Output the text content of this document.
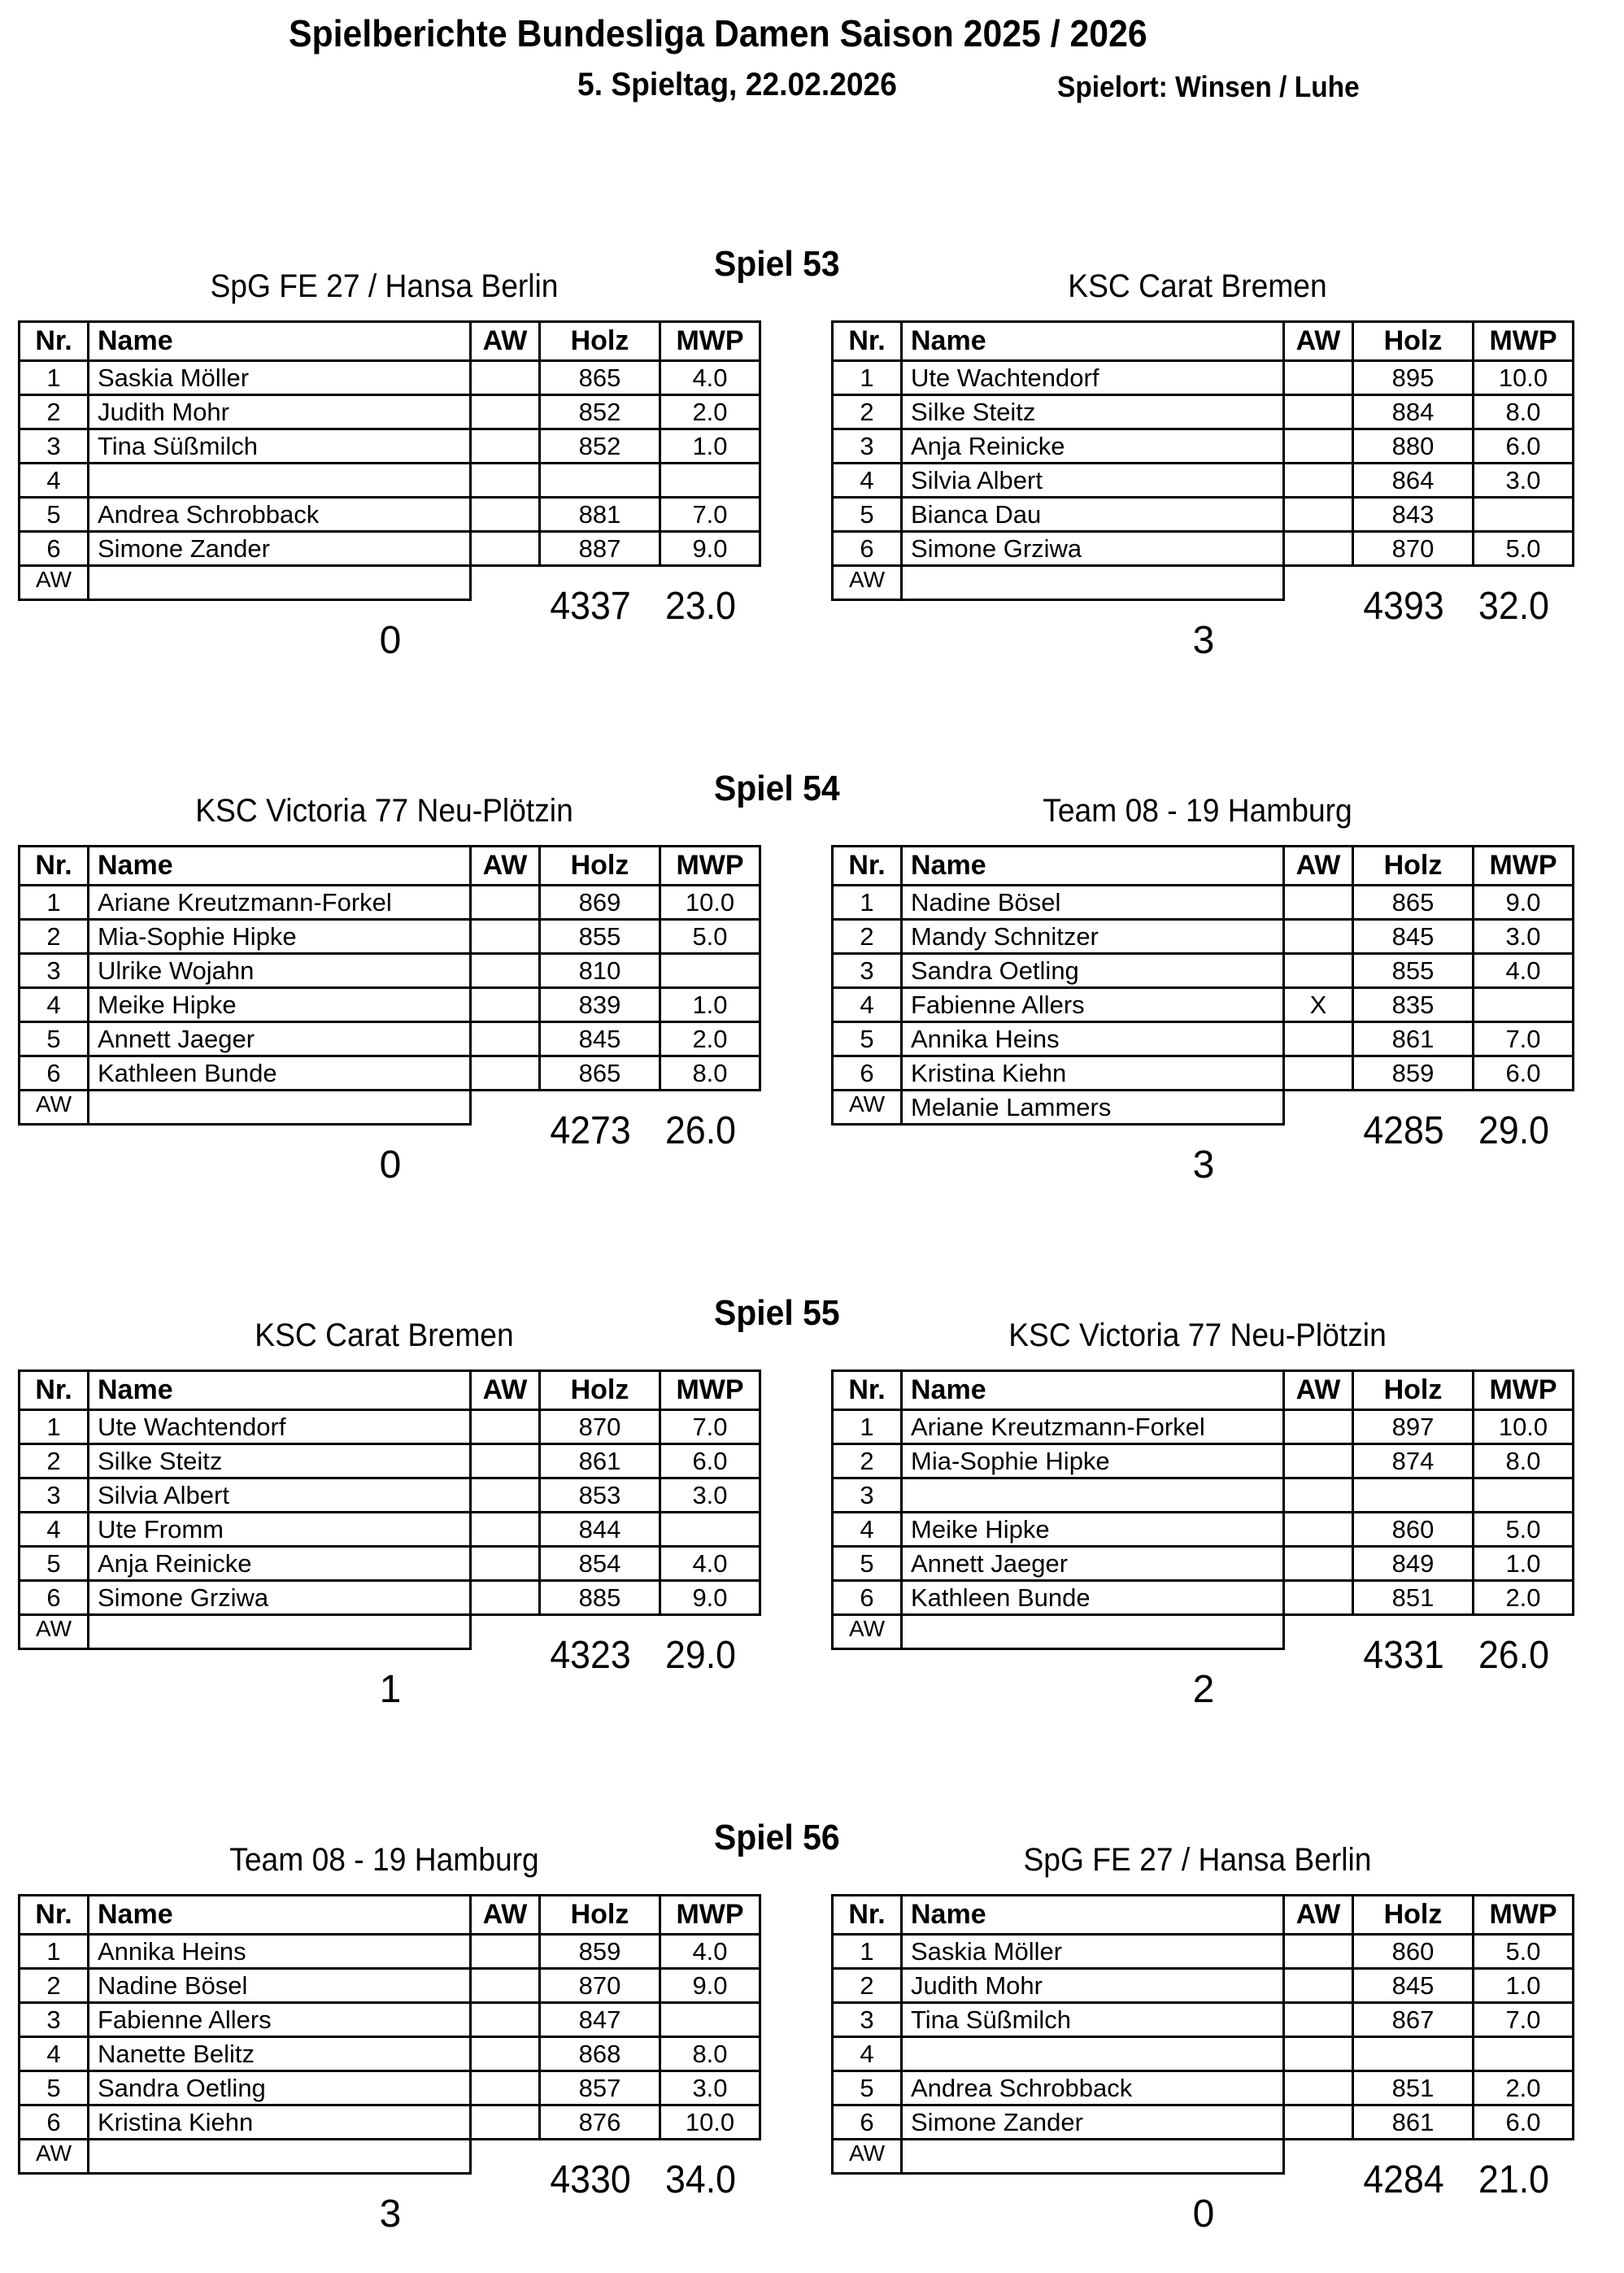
Spielberichte Bundesliga Damen Saison 2025 / 2026
5. Spieltag, 22.02.2026	Spielort: Winsen / Luhe
Spiel 53
SpG FE 27 / Hansa Berlin
Nr.	Name	AW	Holz	MWP
1	Saskia Möller		865	4.0
2	Judith Mohr		852	2.0
3	Tina Süßmilch		852	1.0
4				
5	Andrea Schrobback		881	7.0
6	Simone Zander		887	9.0
AW				
4337 23.0
0
KSC Carat Bremen
Nr.	Name	AW	Holz	MWP
1	Ute Wachtendorf		895	10.0
2	Silke Steitz		884	8.0
3	Anja Reinicke		880	6.0
4	Silvia Albert		864	3.0
5	Bianca Dau		843	
6	Simone Grziwa		870	5.0
AW				
4393 32.0
3
Spiel 54
KSC Victoria 77 Neu-Plötzin
Nr.	Name	AW	Holz	MWP
1	Ariane Kreutzmann-Forkel		869	10.0
2	Mia-Sophie Hipke		855	5.0
3	Ulrike Wojahn		810	
4	Meike Hipke		839	1.0
5	Annett Jaeger		845	2.0
6	Kathleen Bunde		865	8.0
AW				
4273 26.0
0
Team 08 - 19 Hamburg
Nr.	Name	AW	Holz	MWP
1	Nadine Bösel		865	9.0
2	Mandy Schnitzer		845	3.0
3	Sandra Oetling		855	4.0
4	Fabienne Allers	X	835	
5	Annika Heins		861	7.0
6	Kristina Kiehn		859	6.0
AW	Melanie Lammers			
4285 29.0
3
Spiel 55
KSC Carat Bremen
Nr.	Name	AW	Holz	MWP
1	Ute Wachtendorf		870	7.0
2	Silke Steitz		861	6.0
3	Silvia Albert		853	3.0
4	Ute Fromm		844	
5	Anja Reinicke		854	4.0
6	Simone Grziwa		885	9.0
AW				
4323 29.0
1
KSC Victoria 77 Neu-Plötzin
Nr.	Name	AW	Holz	MWP
1	Ariane Kreutzmann-Forkel		897	10.0
2	Mia-Sophie Hipke		874	8.0
3				
4	Meike Hipke		860	5.0
5	Annett Jaeger		849	1.0
6	Kathleen Bunde		851	2.0
AW				
4331 26.0
2
Spiel 56
Team 08 - 19 Hamburg
Nr.	Name	AW	Holz	MWP
1	Annika Heins		859	4.0
2	Nadine Bösel		870	9.0
3	Fabienne Allers		847	
4	Nanette Belitz		868	8.0
5	Sandra Oetling		857	3.0
6	Kristina Kiehn		876	10.0
AW				
4330 34.0
3
SpG FE 27 / Hansa Berlin
Nr.	Name	AW	Holz	MWP
1	Saskia Möller		860	5.0
2	Judith Mohr		845	1.0
3	Tina Süßmilch		867	7.0
4				
5	Andrea Schrobback		851	2.0
6	Simone Zander		861	6.0
AW				
4284 21.0
0
